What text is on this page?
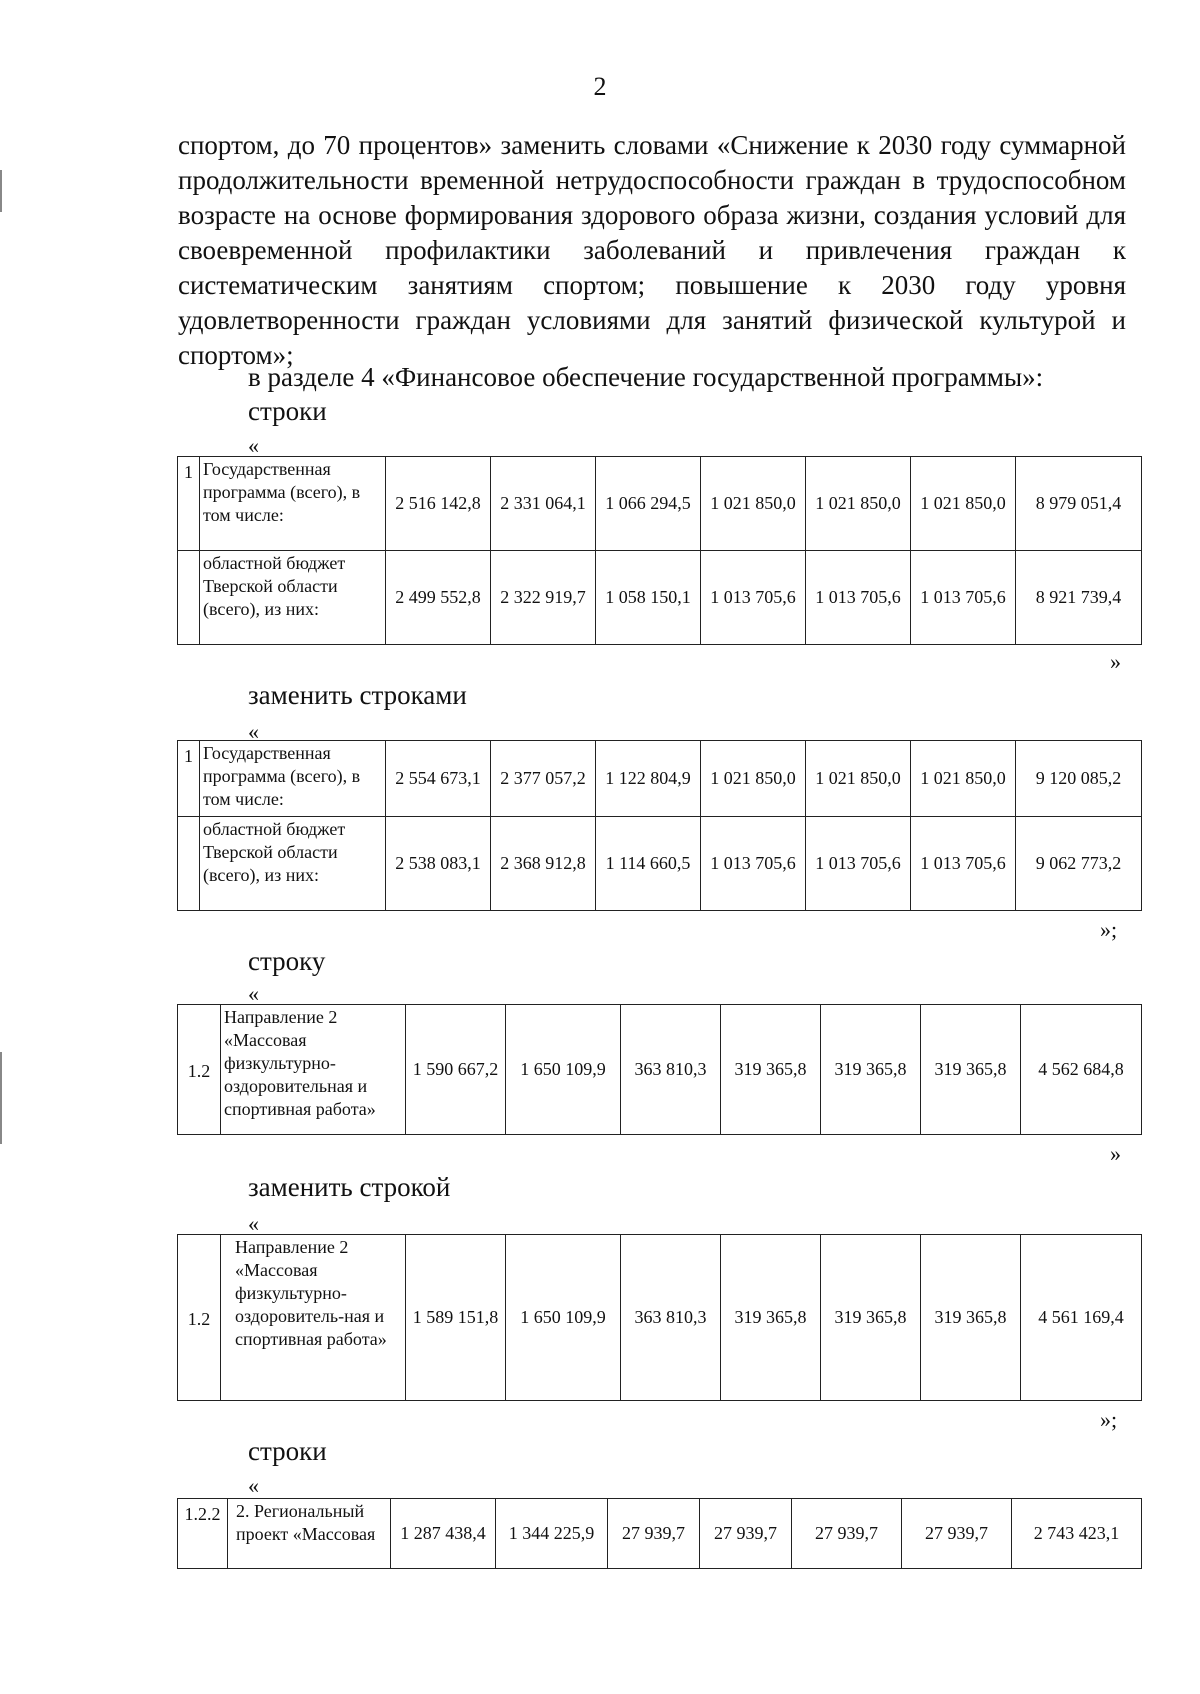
2
спортом, до 70 процентов» заменить словами «Снижение к 2030 году суммарной продолжительности временной нетрудоспособности граждан в трудоспособном возрасте на основе формирования здорового образа жизни, создания условий для своевременной профилактики заболеваний и привлечения граждан к систематическим занятиям спортом; повышение к 2030 году уровня удовлетворенности граждан условиями для занятий физической культурой и спортом»;
в разделе 4 «Финансовое обеспечение государственной программы»:
строки
«
1	Государственная программа (всего), в том числе:	2 516 142,8	2 331 064,1	1 066 294,5	1 021 850,0	1 021 850,0	1 021 850,0	8 979 051,4
	областной бюджет Тверской области (всего), из них:	2 499 552,8	2 322 919,7	1 058 150,1	1 013 705,6	1 013 705,6	1 013 705,6	8 921 739,4
»
заменить строками
«
1	Государственная программа (всего), в том числе:	2 554 673,1	2 377 057,2	1 122 804,9	1 021 850,0	1 021 850,0	1 021 850,0	9 120 085,2
	областной бюджет Тверской области (всего), из них:	2 538 083,1	2 368 912,8	1 114 660,5	1 013 705,6	1 013 705,6	1 013 705,6	9 062 773,2
»;
строку
«
1.2	Направление 2 «Массовая физкультурно-оздоровительная и спортивная работа»	1 590 667,2	1 650 109,9	363 810,3	319 365,8	319 365,8	319 365,8	4 562 684,8
»
заменить строкой
«
1.2	Направление 2 «Массовая физкультурно-оздоровитель-ная и спортивная работа»	1 589 151,8	1 650 109,9	363 810,3	319 365,8	319 365,8	319 365,8	4 561 169,4
»;
строки
«
1.2.2	2. Региональный проект «Массовая	1 287 438,4	1 344 225,9	27 939,7	27 939,7	27 939,7	27 939,7	2 743 423,1
